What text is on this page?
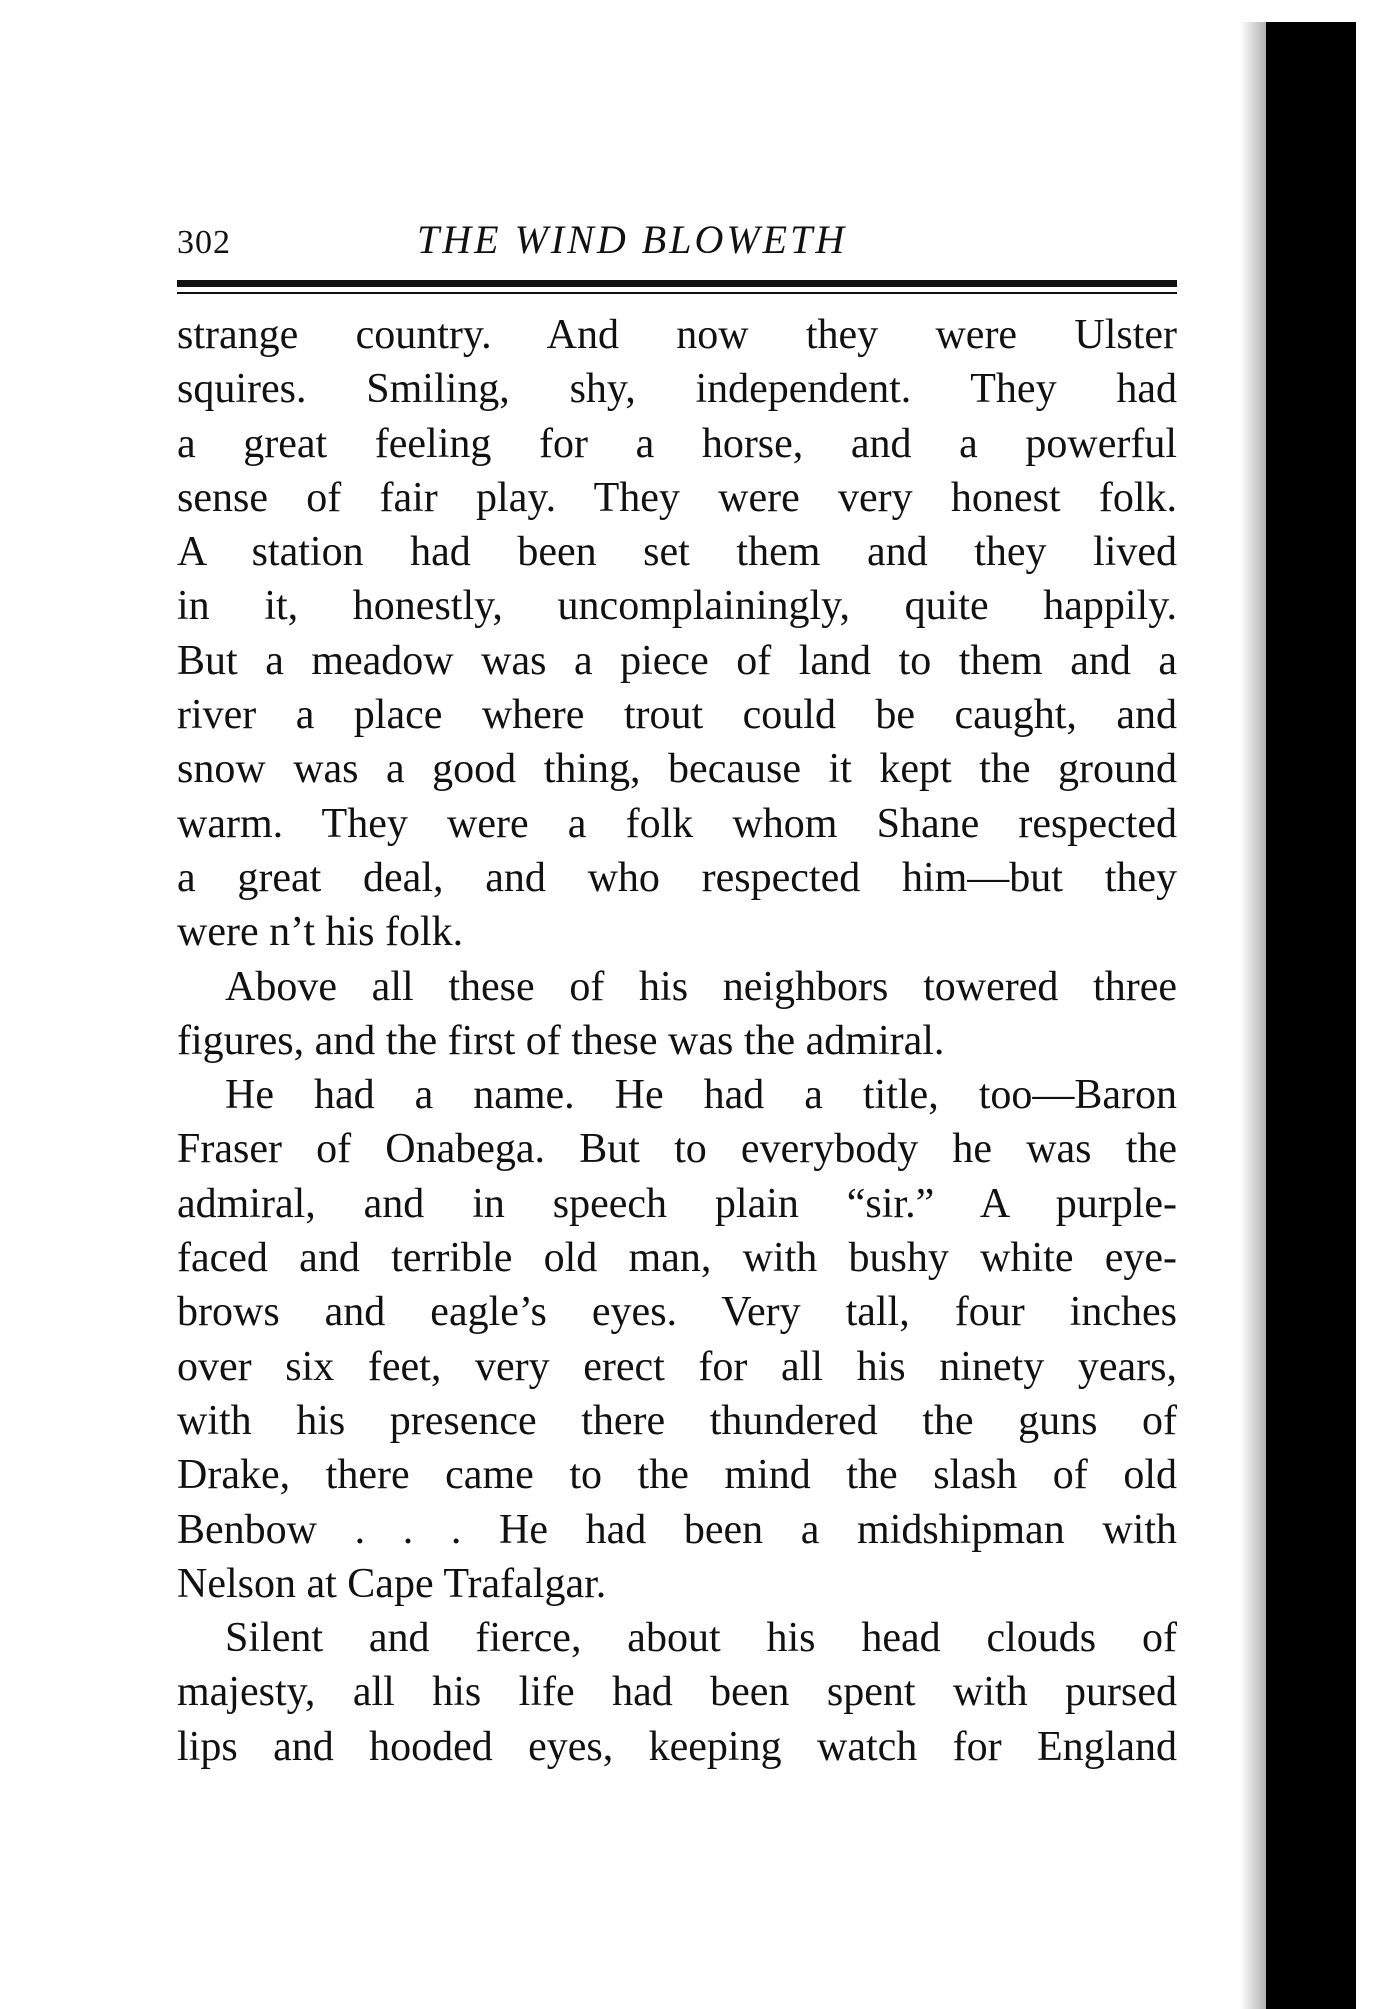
302	THE WIND BLOWETH
strange country. And now they were Ulster
squires. Smiling, shy, independent. They had
a great feeling for a horse, and a powerful
sense of fair play. They were very honest folk.
A station had been set them and they lived
in it, honestly, uncomplainingly, quite happily.
But a meadow was a piece of land to them and a
river a place where trout could be caught, and
snow was a good thing, because it kept the ground
warm. They were a folk whom Shane respected
a great deal, and who respected him—but they
were n’t his folk.
Above all these of his neighbors towered three
figures, and the first of these was the admiral.
He had a name. He had a title, too—Baron
Fraser of Onabega. But to everybody he was the
admiral, and in speech plain “sir.” A purple-
faced and terrible old man, with bushy white eye-
brows and eagle’s eyes. Very tall, four inches
over six feet, very erect for all his ninety years,
with his presence there thundered the guns of
Drake, there came to the mind the slash of old
Benbow . . . He had been a midshipman with
Nelson at Cape Trafalgar.
Silent and fierce, about his head clouds of
majesty, all his life had been spent with pursed
lips and hooded eyes, keeping watch for England
